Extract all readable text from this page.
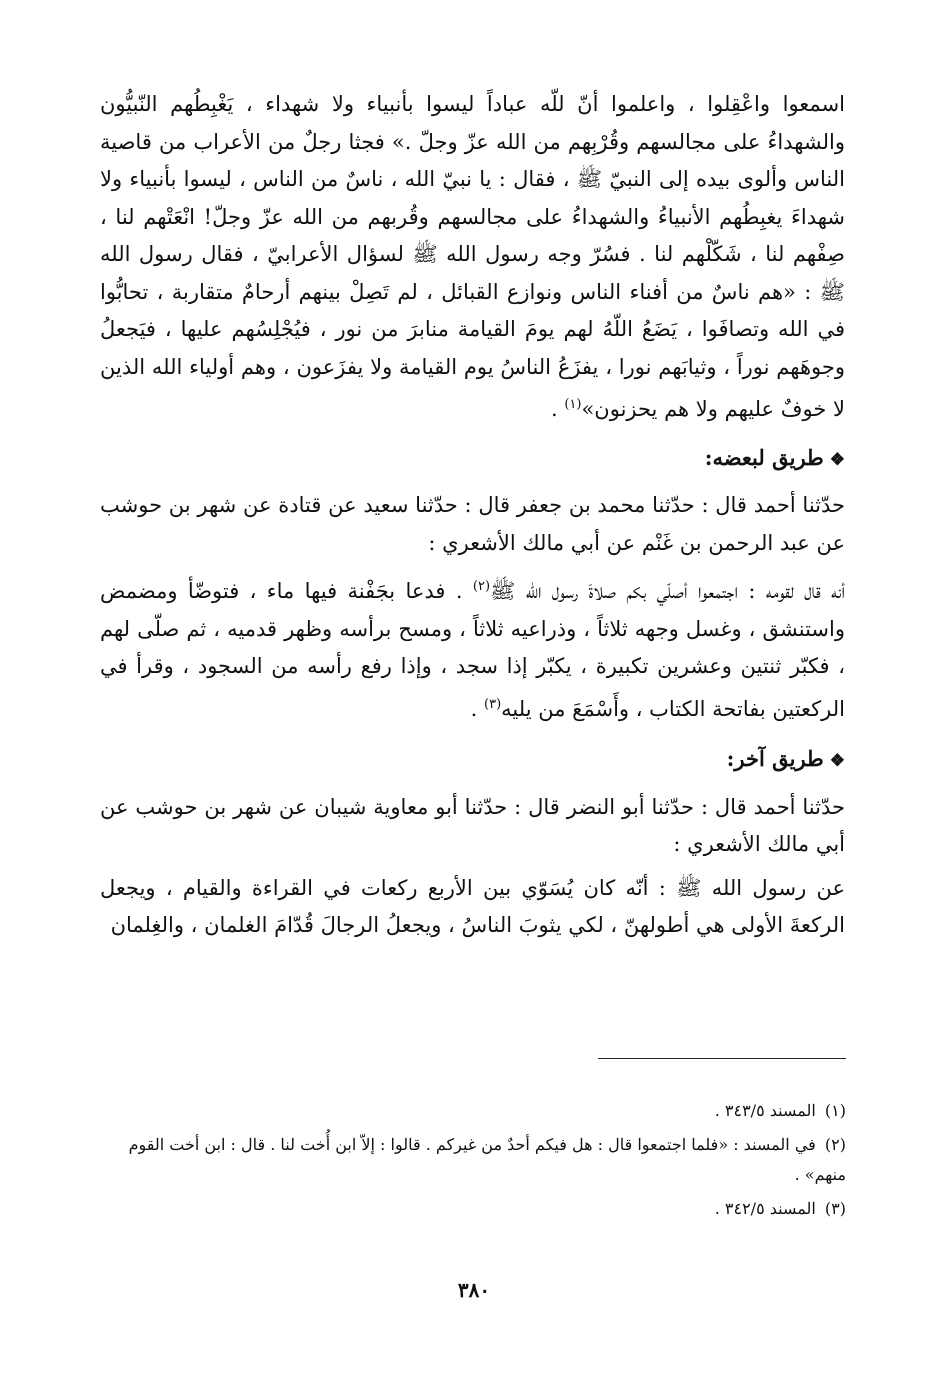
اسمعوا واعْقِلوا ، واعلموا أنّ للّه عباداً ليسوا بأنبياء ولا شهداء ، يَغْبِطُهم النّبيُّون والشهداءُ على مجالسهم وقُرْبِهم من الله عزّ وجلّ .» فجثا رجلٌ من الأعراب من قاصية الناس وألوى بيده إلى النبيّ ﷺ ، فقال : يا نبيّ الله ، ناسٌ من الناس ، ليسوا بأنبياء ولا شهداءَ يغبِطُهم الأنبياءُ والشهداءُ على مجالسهم وقُربهم من الله عزّ وجلّ! انْعَتْهم لنا ، صِفْهم لنا ، شَكّلْهم لنا . فسُرّ وجه رسول الله ﷺ لسؤال الأعرابيّ ، فقال رسول الله ﷺ : «هم ناسٌ من أفناء الناس ونوازع القبائل ، لم تَصِلْ بينهم أرحامٌ متقاربة ، تحابُّوا في الله وتصافَوا ، يَضَعُ اللّهُ لهم يومَ القيامة منابرَ من نور ، فيُجْلِسُهم عليها ، فيَجعلُ وجوهَهم نوراً ، وثيابَهم نورا ، يفزَعُ الناسُ يوم القيامة ولا يفزَعون ، وهم أولياء الله الذين لا خوفٌ عليهم ولا هم يحزنون»$^{(١)}$ .

❖طريق لبعضه:

حدّثنا أحمد قال : حدّثنا محمد بن جعفر قال : حدّثنا سعيد عن قتادة عن شهر بن حوشب عن عبد الرحمن بن غَنْم عن أبي مالك الأشعري :

أنه قال لقومه : اجتمعوا أصلّي بكم صلاةَ رسول الله ﷺ$^{(٢)}$ . فدعا بجَفْنة فيها ماء ، فتوضّأ ومضمض واستنشق ، وغسل وجهه ثلاثاً ، وذراعيه ثلاثاً ، ومسح برأسه وظهر قدميه ، ثم صلّى لهم ، فكبّر ثنتين وعشرين تكبيرة ، يكبّر إذا سجد ، وإذا رفع رأسه من السجود ، وقرأ في الركعتين بفاتحة الكتاب ، وأَسْمَعَ من يليه$^{(٣)}$ .

❖طريق آخر:

حدّثنا أحمد قال : حدّثنا أبو النضر قال : حدّثنا أبو معاوية شيبان عن شهر بن حوشب عن أبي مالك الأشعري :

عن رسول الله ﷺ : أنّه كان يُسَوّي بين الأربع ركعات في القراءة والقيام ، ويجعل الركعةَ الأولى هي أطولهنّ ، لكي يثوبَ الناسُ ، ويجعلُ الرجالَ قُدّامَ الغلمان ، والغِلمان

(١) المسند ٣٤٣/٥ .

(٢) في المسند : «فلما اجتمعوا قال : هل فيكم أحدٌ من غيركم . قالوا : إلاّ ابن أُخت لنا . قال : ابن أخت القوم منهم» .

(٣) المسند ٣٤٢/٥ .

٣٨٠
